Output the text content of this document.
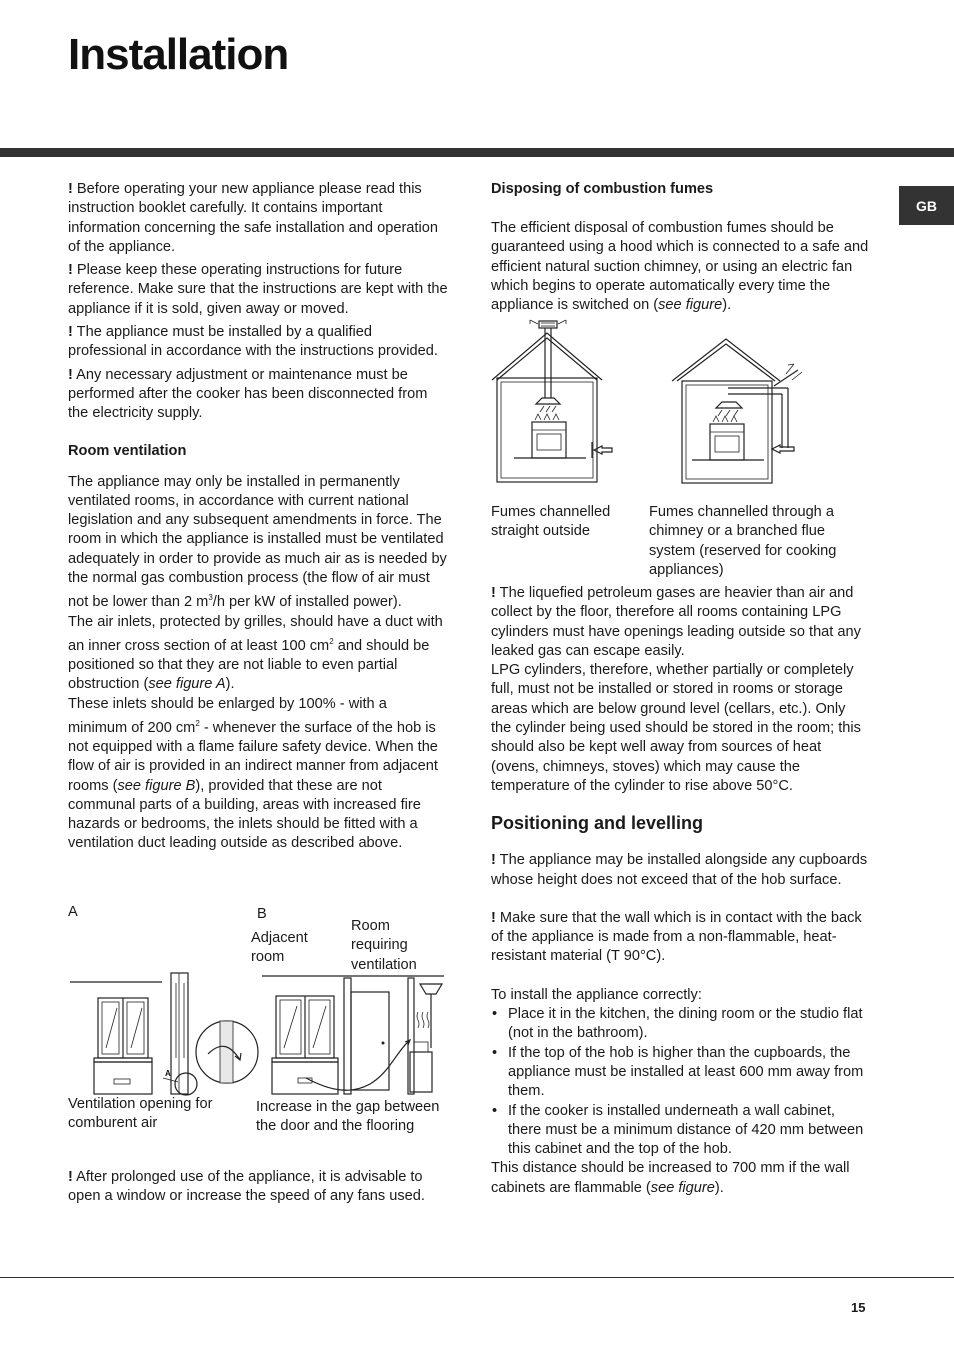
Installation
GB

! Before operating your new appliance please read this instruction booklet carefully. It contains important information concerning the safe installation and operation of the appliance.

! Please keep these operating instructions for future reference. Make sure that the instructions are kept with the appliance if it is sold, given away or moved.

! The appliance must be installed by a qualified professional in accordance with the instructions provided.

! Any necessary adjustment or maintenance must be performed after the cooker has been disconnected from the electricity supply.

Room ventilation

The appliance may only be installed in permanently ventilated rooms, in accordance with current national legislation and any subsequent amendments in force. The room in which the appliance is installed must be ventilated adequately in order to provide as much air as is needed by the normal gas combustion process (the flow of air must not be lower than 2 $m^3/h$ per kW of installed power).

The air inlets, protected by grilles, should have a duct with an inner cross section of at least 100 $cm^2$ and should be positioned so that they are not liable to even partial obstruction (see figure A).

These inlets should be enlarged by 100% - with a minimum of 200 $cm^2$ - whenever the surface of the hob is not equipped with a flame failure safety device. When the flow of air is provided in an indirect manner from adjacent rooms (see figure B), provided that these are not communal parts of a building, areas with increased fire hazards or bedrooms, the inlets should be fitted with a ventilation duct leading outside as described above.

A	B
Adjacent room
Room requiring ventilation
A
Ventilation opening for comburent air
Increase in the gap between the door and the flooring

! After prolonged use of the appliance, it is advisable to open a window or increase the speed of any fans used.

Disposing of combustion fumes

The efficient disposal of combustion fumes should be guaranteed using a hood which is connected to a safe and efficient natural suction chimney, or using an electric fan which begins to operate automatically every time the appliance is switched on (see figure).

Fumes channelled straight outside
Fumes channelled through a chimney or a branched flue system (reserved for cooking appliances)

! The liquefied petroleum gases are heavier than air and collect by the floor, therefore all rooms containing LPG cylinders must have openings leading outside so that any leaked gas can escape easily.

LPG cylinders, therefore, whether partially or completely full, must not be installed or stored in rooms or storage areas which are below ground level (cellars, etc.). Only the cylinder being used should be stored in the room; this should also be kept well away from sources of heat (ovens, chimneys, stoves) which may cause the temperature of the cylinder to rise above 50°C.

Positioning and levelling

! The appliance may be installed alongside any cupboards whose height does not exceed that of the hob surface.

! Make sure that the wall which is in contact with the back of the appliance is made from a non-flammable, heat-resistant material (T 90°C).

To install the appliance correctly:

• Place it in the kitchen, the dining room or the studio flat (not in the bathroom).
• If the top of the hob is higher than the cupboards, the appliance must be installed at least 600 mm away from them.
• If the cooker is installed underneath a wall cabinet, there must be a minimum distance of 420 mm between this cabinet and the top of the hob.

This distance should be increased to 700 mm if the wall cabinets are flammable (see figure).

15
